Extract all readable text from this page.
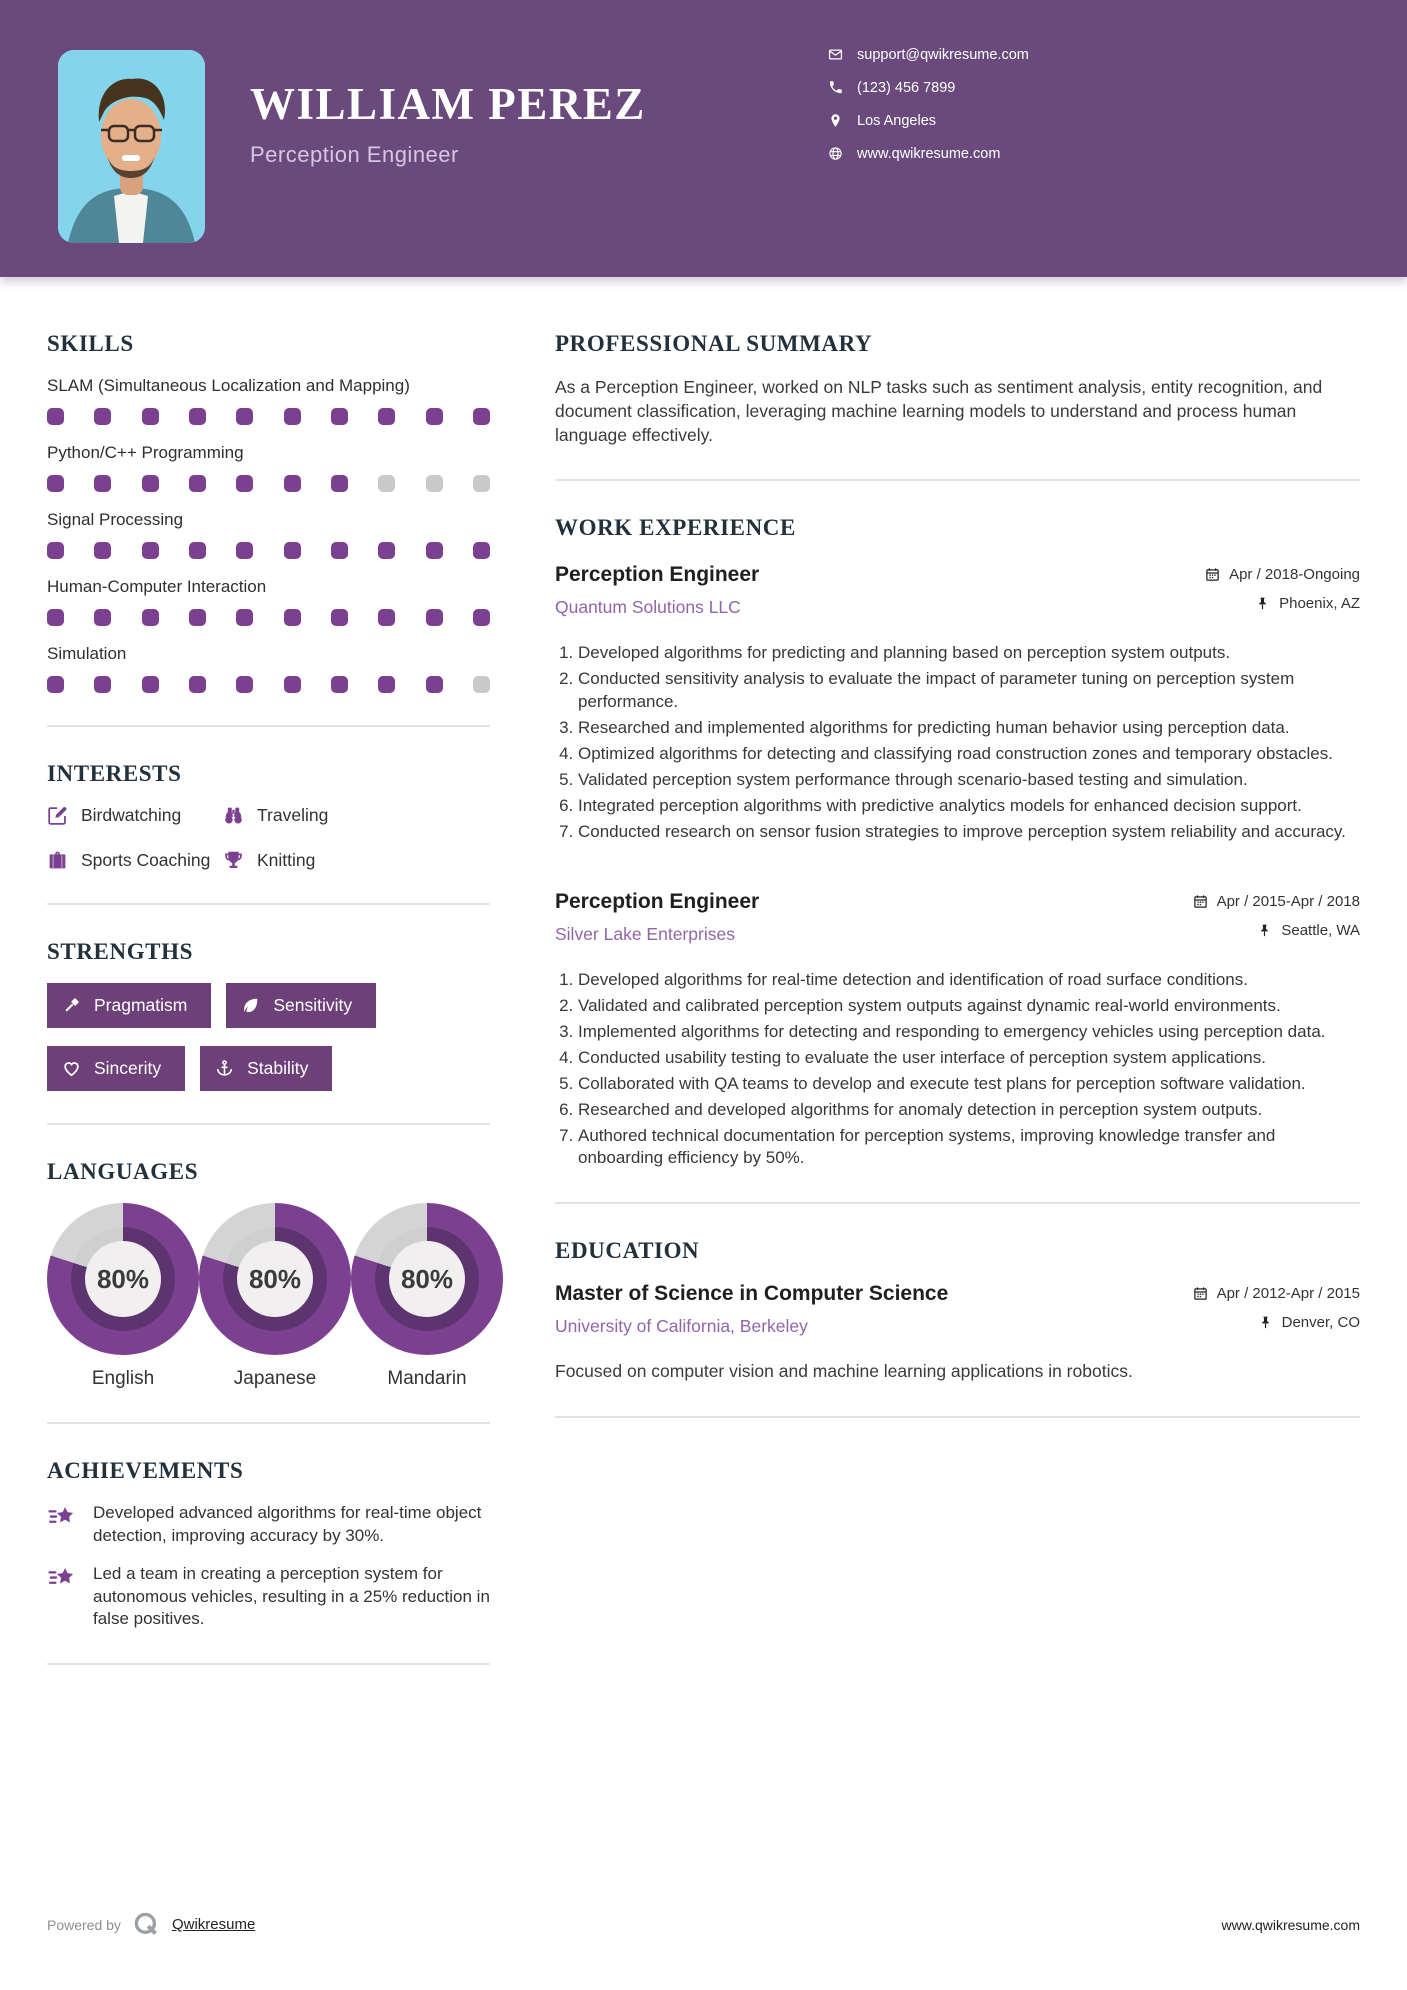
WILLIAM PEREZ
Perception Engineer
support@qwikresume.com
(123) 456 7899
Los Angeles
www.qwikresume.com
SKILLS
SLAM (Simultaneous Localization and Mapping)
Python/C++ Programming
Signal Processing
Human-Computer Interaction
Simulation
INTERESTS
Birdwatching	Traveling
Sports Coaching	Knitting
STRENGTHS
Pragmatism	Sensitivity
Sincerity	Stability
LANGUAGES
80%
English
80%
Japanese
80%
Mandarin
ACHIEVEMENTS

Developed advanced algorithms for real-time object detection, improving accuracy by 30%.

Led a team in creating a perception system for autonomous vehicles, resulting in a 25% reduction in false positives.

PROFESSIONAL SUMMARY

As a Perception Engineer, worked on NLP tasks such as sentiment analysis, entity recognition, and document classification, leveraging machine learning models to understand and process human language effectively.

WORK EXPERIENCE
Perception Engineer
Quantum Solutions LLC
Apr / 2018-Ongoing
Phoenix, AZ
1. Developed algorithms for predicting and planning based on perception system outputs.
2. Conducted sensitivity analysis to evaluate the impact of parameter tuning on perception system performance.
3. Researched and implemented algorithms for predicting human behavior using perception data.
4. Optimized algorithms for detecting and classifying road construction zones and temporary obstacles.
5. Validated perception system performance through scenario-based testing and simulation.
6. Integrated perception algorithms with predictive analytics models for enhanced decision support.
7. Conducted research on sensor fusion strategies to improve perception system reliability and accuracy.
Perception Engineer
Silver Lake Enterprises
Apr / 2015-Apr / 2018
Seattle, WA
1. Developed algorithms for real-time detection and identification of road surface conditions.
2. Validated and calibrated perception system outputs against dynamic real-world environments.
3. Implemented algorithms for detecting and responding to emergency vehicles using perception data.
4. Conducted usability testing to evaluate the user interface of perception system applications.
5. Collaborated with QA teams to develop and execute test plans for perception software validation.
6. Researched and developed algorithms for anomaly detection in perception system outputs.
7. Authored technical documentation for perception systems, improving knowledge transfer and onboarding efficiency by 50%.
EDUCATION
Master of Science in Computer Science
University of California, Berkeley
Apr / 2012-Apr / 2015
Denver, CO

Focused on computer vision and machine learning applications in robotics.

Powered by	Qwikresume	www.qwikresume.com
